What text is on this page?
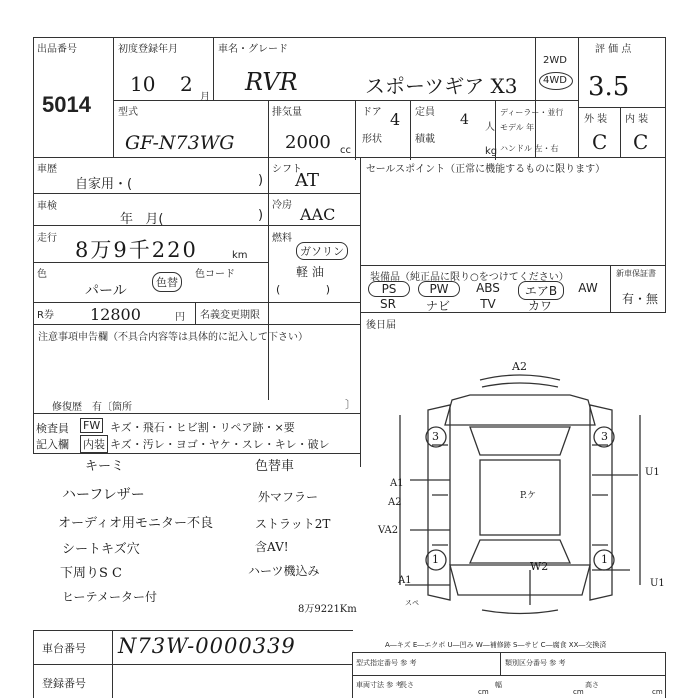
出品番号
5014
初度登録年月
10 2
月
車名・グレード
RVR	スポーツギア X3
2WD
4WD
評 価 点
3.5
外 装 内 装
C C
型式
GF-N73WG
排気量
2000 cc
ドア 4
形状
定員 4 人
積載
kg
ディーラー・並行
モデル 年
ハンドル 左・右
車歴
自家用・(	)
シフト
AT
車検
年   月(	)
冷房 AAC
走行 8万9千220	km
燃料
ガソリン
軽 油
(             )
色
パール
色替
色コード
R券 12800	円 名義変更期限
注意事項申告欄（不具合内容等は具体的に記入して下さい）
修復歴　有〔箇所	〕
セールスポイント（正常に機能するものに限ります）
装備品（純正品に限り○をつけてください）	新車保証書
有・無
PS	PW	ABS	エアB	AW
SR	ナビ	TV	カワ
後日届
検査員
記入欄
FW キズ・飛石・ヒビ割・リペア跡・×要
内装 キズ・汚レ・ヨゴ・ヤケ・スレ・キレ・破レ
キーミ
ハーフレザー
オーディオ用モニター不良
シートキズ穴
下周りS C
ヒーテメーター付
色替車
外マフラー
ストラット2T
含AV!
ハーツ機込み
8万9221Km
A2
A1
A2
VA2
A1
W2
U1
U1
P.ケ
3	3
1	1
スペ
車台番号 N73W-0000339
登録番号
A―キズ E―エクボ U―凹み W―補修跡 S―サビ C―腐食 XX―交換済
型式指定番号 参 考	類別区分番号 参 考
車両寸法 参 考
長さ
cm
幅
cm
高さ
cm
